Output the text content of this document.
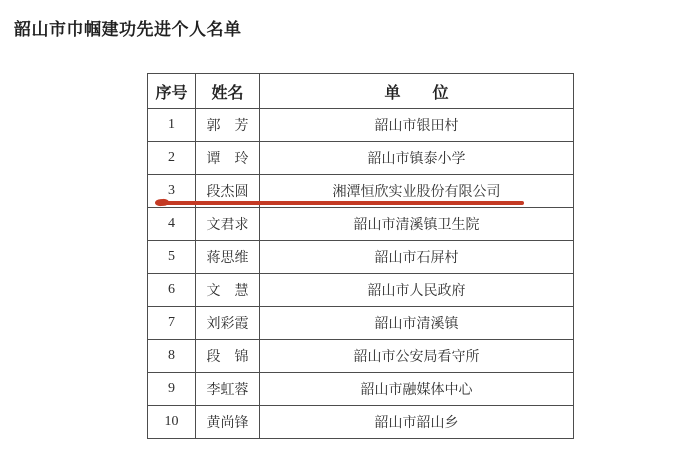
韶山市巾帼建功先进个人名单
序号	姓名	单　　位
1	郭　芳	韶山市银田村
2	谭　玲	韶山市镇泰小学
3	段杰圆	湘潭恒欣实业股份有限公司
4	文君求	韶山市清溪镇卫生院
5	蒋思维	韶山市石屏村
6	文　慧	韶山市人民政府
7	刘彩霞	韶山市清溪镇
8	段　锦	韶山市公安局看守所
9	李虹蓉	韶山市融媒体中心
10	黄尚锋	韶山市韶山乡
